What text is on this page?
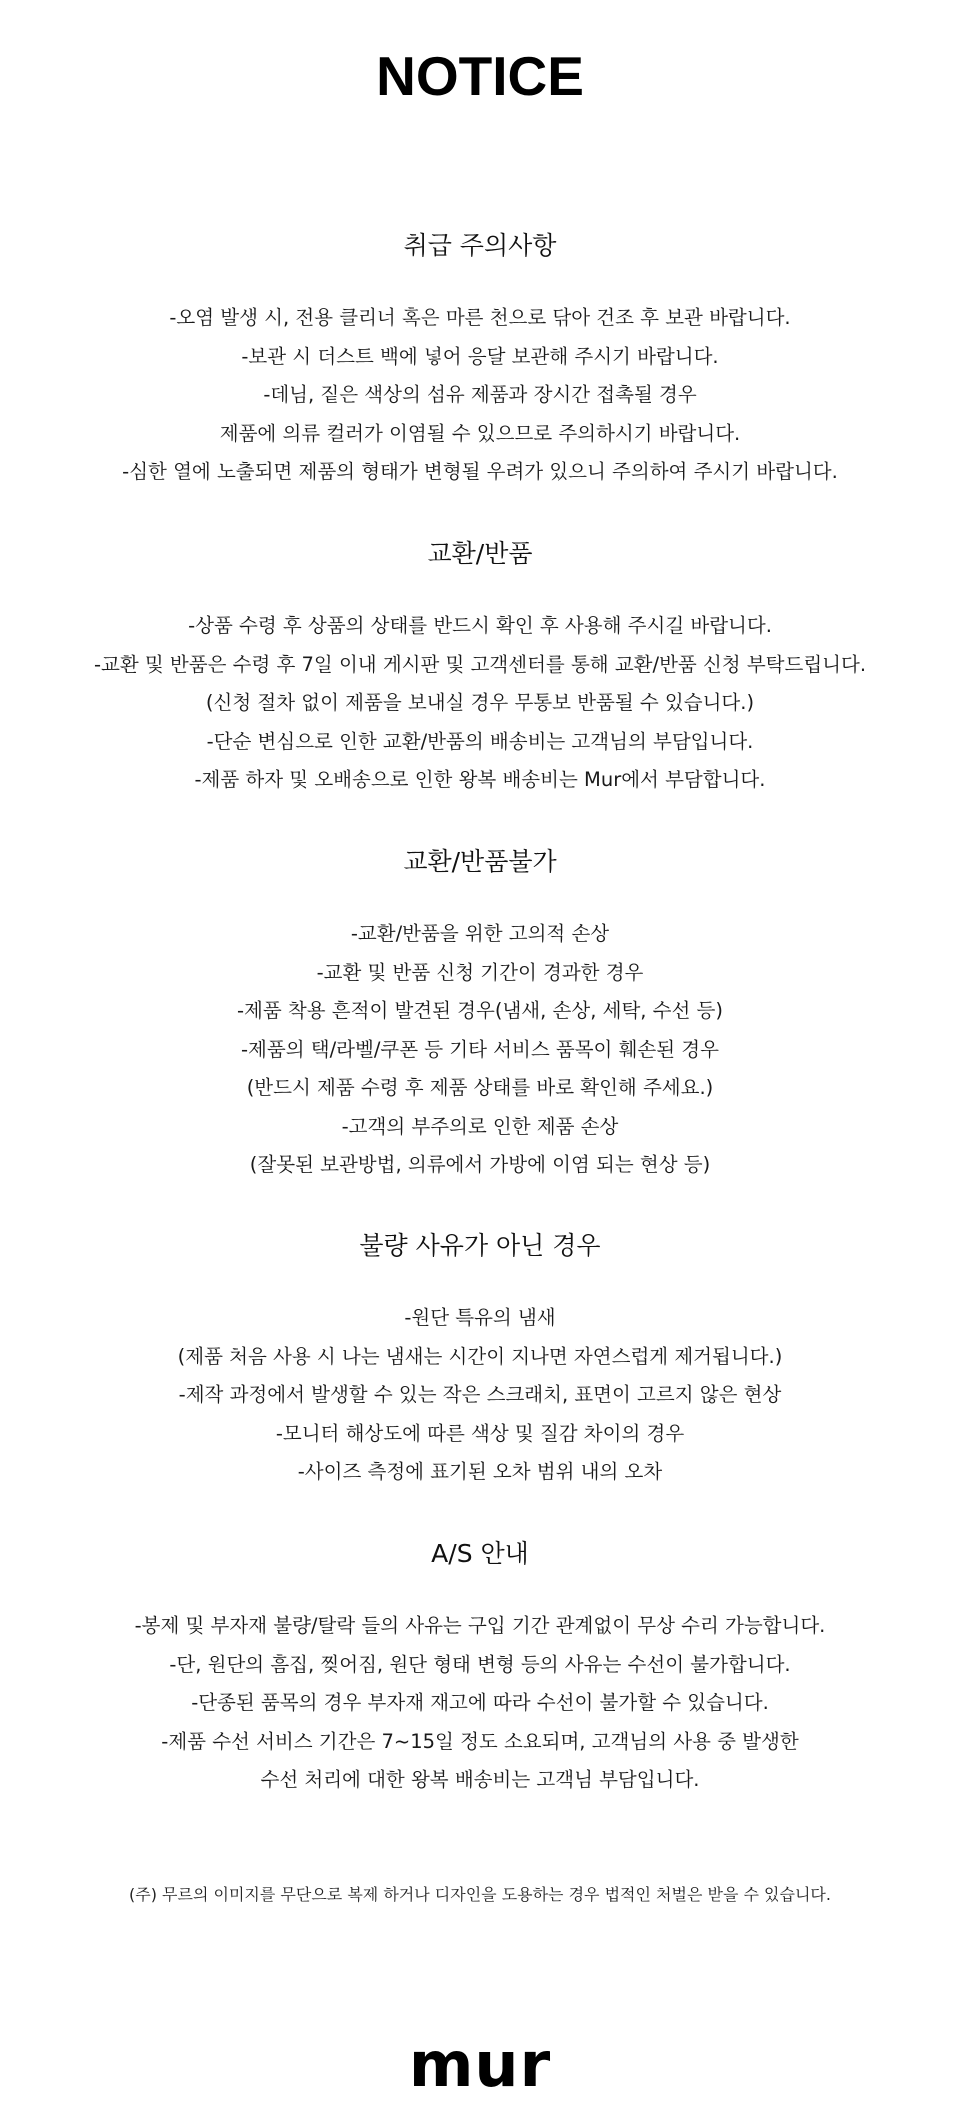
NOTICE
취급 주의사항
-오염 발생 시, 전용 클리너 혹은 마른 천으로 닦아 건조 후 보관 바랍니다.
-보관 시 더스트 백에 넣어 응달 보관해 주시기 바랍니다.
-데님, 짙은 색상의 섬유 제품과 장시간 접촉될 경우
제품에 의류 컬러가 이염될 수 있으므로 주의하시기 바랍니다.
-심한 열에 노출되면 제품의 형태가 변형될 우려가 있으니 주의하여 주시기 바랍니다.
교환/반품
-상품 수령 후 상품의 상태를 반드시 확인 후 사용해 주시길 바랍니다.
-교환 및 반품은 수령 후 7일 이내 게시판 및 고객센터를 통해 교환/반품 신청 부탁드립니다.
(신청 절차 없이 제품을 보내실 경우 무통보 반품될 수 있습니다.)
-단순 변심으로 인한 교환/반품의 배송비는 고객님의 부담입니다.
-제품 하자 및 오배송으로 인한 왕복 배송비는 Mur에서 부담합니다.
교환/반품불가
-교환/반품을 위한 고의적 손상
-교환 및 반품 신청 기간이 경과한 경우
-제품 착용 흔적이 발견된 경우(냄새, 손상, 세탁, 수선 등)
-제품의 택/라벨/쿠폰 등 기타 서비스 품목이 훼손된 경우
(반드시 제품 수령 후 제품 상태를 바로 확인해 주세요.)
-고객의 부주의로 인한 제품 손상
(잘못된 보관방법, 의류에서 가방에 이염 되는 현상 등)
불량 사유가 아닌 경우
-원단 특유의 냄새
(제품 처음 사용 시 나는 냄새는 시간이 지나면 자연스럽게 제거됩니다.)
-제작 과정에서 발생할 수 있는 작은 스크래치, 표면이 고르지 않은 현상
-모니터 해상도에 따른 색상 및 질감 차이의 경우
-사이즈 측정에 표기된 오차 범위 내의 오차
A/S 안내
-봉제 및 부자재 불량/탈락 들의 사유는 구입 기간 관계없이 무상 수리 가능합니다.
-단, 원단의 흠집, 찢어짐, 원단 형태 변형 등의 사유는 수선이 불가합니다.
-단종된 품목의 경우 부자재 재고에 따라 수선이 불가할 수 있습니다.
-제품 수선 서비스 기간은 7~15일 정도 소요되며, 고객님의 사용 중 발생한
수선 처리에 대한 왕복 배송비는 고객님 부담입니다.
(주) 무르의 이미지를 무단으로 복제 하거나 디자인을 도용하는 경우 법적인 처벌은 받을 수 있습니다.
mur
